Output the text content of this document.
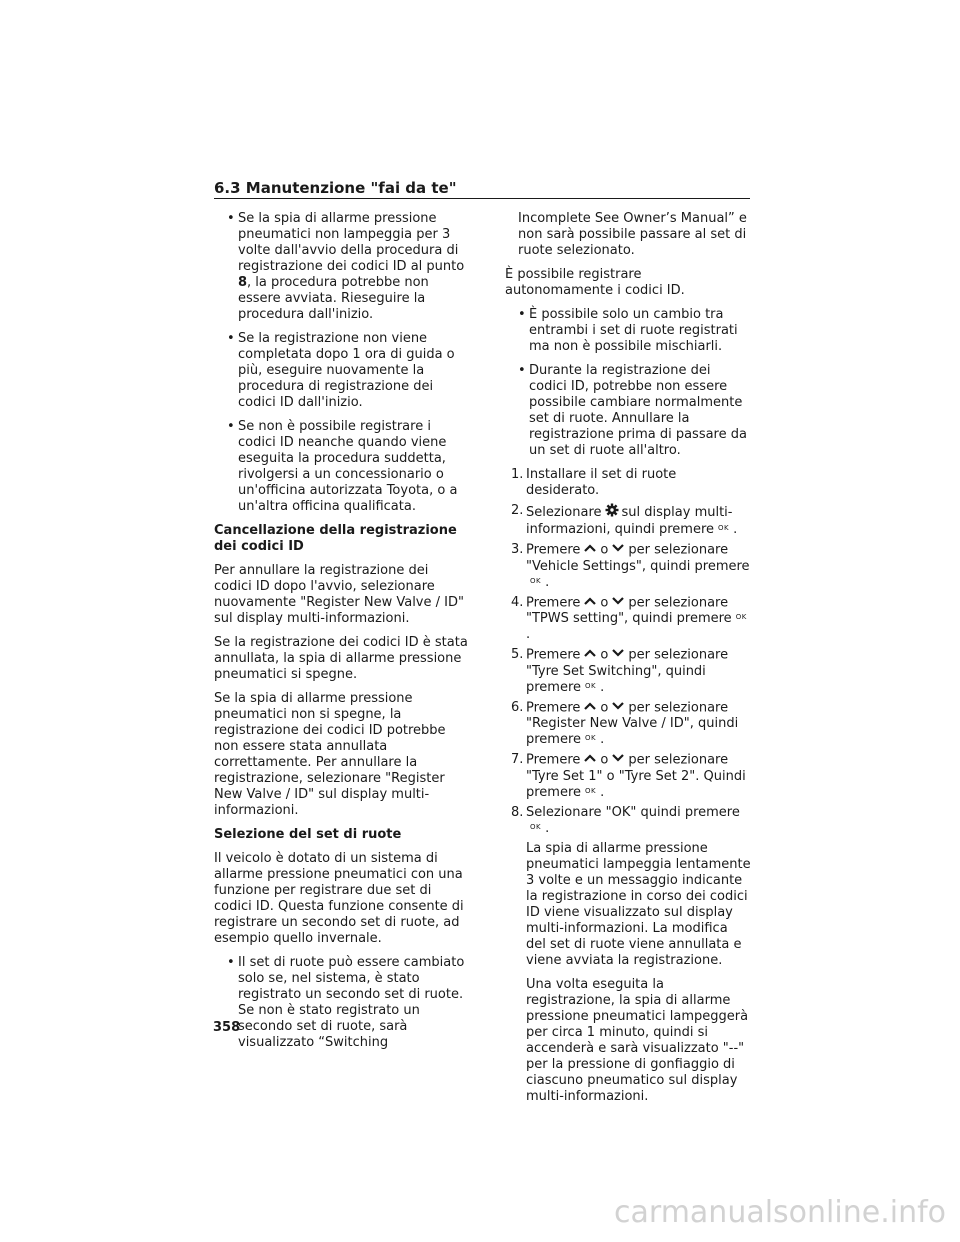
6.3 Manutenzione "fai da te"
• Se la spia di allarme pressione pneumatici non lampeggia per 3 volte dall'avvio della procedura di registrazione dei codici ID al punto 8, la procedura potrebbe non essere avviata. Rieseguire la procedura dall'inizio.
• Se la registrazione non viene completata dopo 1 ora di guida o più, eseguire nuovamente la procedura di registrazione dei codici ID dall'inizio.
• Se non è possibile registrare i codici ID neanche quando viene eseguita la procedura suddetta, rivolgersi a un concessionario o un'officina autorizzata Toyota, o a un'altra officina qualificata.
Cancellazione della registrazione dei codici ID

Per annullare la registrazione dei codici ID dopo l'avvio, selezionare nuovamente "Register New Valve / ID" sul display multi-informazioni.

Se la registrazione dei codici ID è stata annullata, la spia di allarme pressione pneumatici si spegne.

Se la spia di allarme pressione pneumatici non si spegne, la registrazione dei codici ID potrebbe non essere stata annullata correttamente. Per annullare la registrazione, selezionare "Register New Valve / ID" sul display multi-informazioni.

Selezione del set di ruote

Il veicolo è dotato di un sistema di allarme pressione pneumatici con una funzione per registrare due set di codici ID. Questa funzione consente di registrare un secondo set di ruote, ad esempio quello invernale.

• Il set di ruote può essere cambiato solo se, nel sistema, è stato registrato un secondo set di ruote. Se non è stato registrato un secondo set di ruote, sarà visualizzato “Switching
Incomplete See Owner’s Manual” e non sarà possibile passare al set di ruote selezionato.

È possibile registrare autonomamente i codici ID.

• È possibile solo un cambio tra entrambi i set di ruote registrati ma non è possibile mischiarli.
• Durante la registrazione dei codici ID, potrebbe non essere possibile cambiare normalmente set di ruote. Annullare la registrazione prima di passare da un set di ruote all'altro.
1. Installare il set di ruote desiderato.
2. Selezionare sul display multi-informazioni, quindi premere OK .
3. Premere o per selezionare "Vehicle Settings", quindi premereOK .
4. Premere o per selezionare "TPWS setting", quindi premere OK.
5. Premere o per selezionare "Tyre Set Switching", quindi premere OK .
6. Premere o per selezionare "Register New Valve / ID", quindi premere OK .
7. Premere o per selezionare "Tyre Set 1" o "Tyre Set 2". Quindi premere OK .
8. Selezionare "OK" quindi premereOK .
La spia di allarme pressione pneumatici lampeggia lentamente 3 volte e un messaggio indicante la registrazione in corso dei codici ID viene visualizzato sul display multi-informazioni. La modifica del set di ruote viene annullata e viene avviata la registrazione.
Una volta eseguita la registrazione, la spia di allarme pressione pneumatici lampeggerà per circa 1 minuto, quindi si accenderà e sarà visualizzato "--" per la pressione di gonfiaggio di ciascuno pneumatico sul display multi-informazioni.
358
carmanualsonline.info
